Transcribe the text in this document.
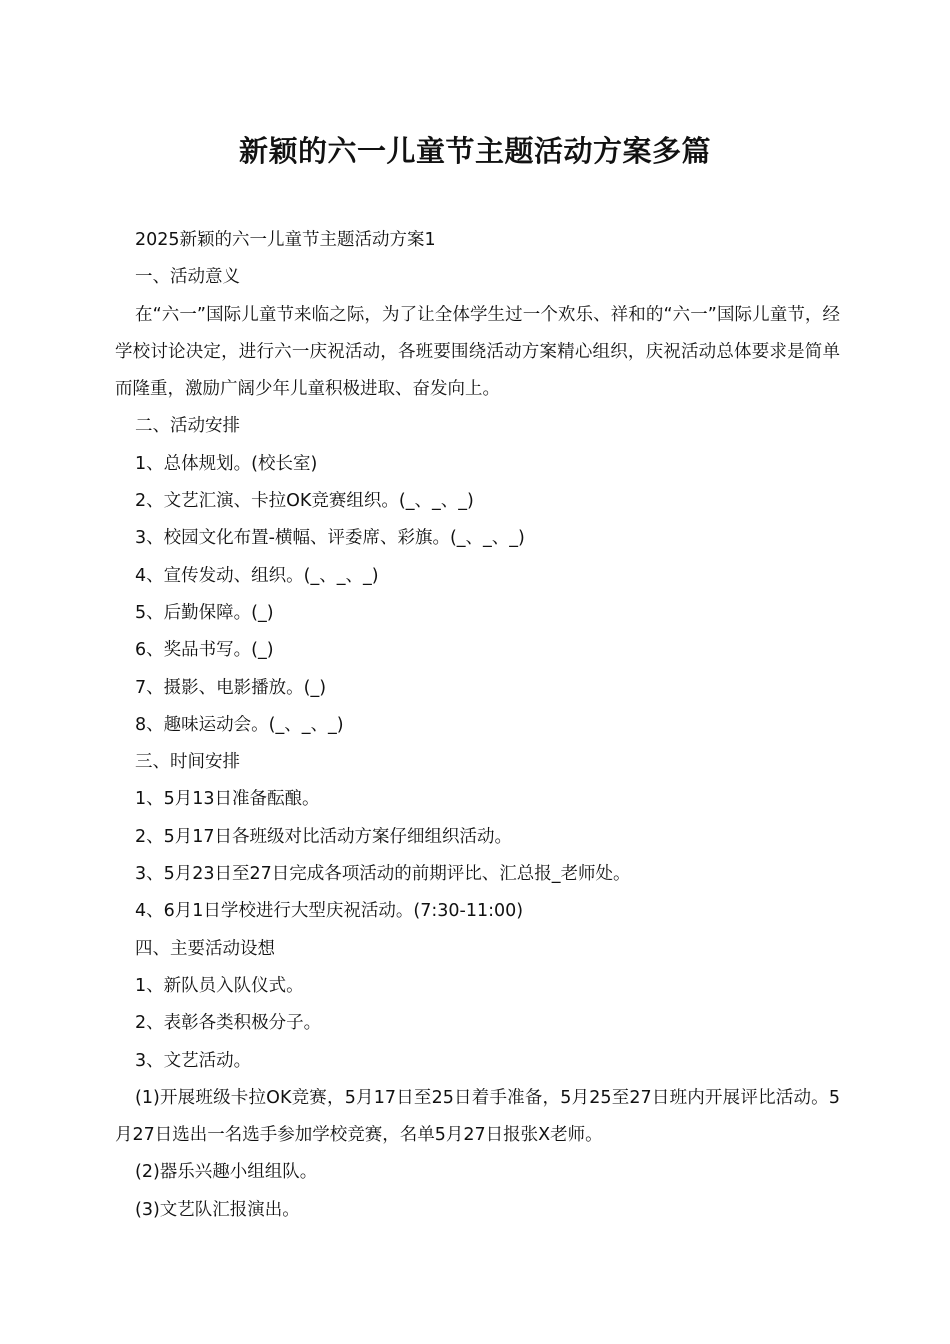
新颖的六一儿童节主题活动方案多篇

2025新颖的六一儿童节主题活动方案1

一、活动意义

在“六一”国际儿童节来临之际，为了让全体学生过一个欢乐、祥和的“六一”国际儿童节，经学校讨论决定，进行六一庆祝活动，各班要围绕活动方案精心组织，庆祝活动总体要求是简单而隆重，激励广阔少年儿童积极进取、奋发向上。

二、活动安排

1、总体规划。(校长室)

2、文艺汇演、卡拉OK竞赛组织。(_、_、_)

3、校园文化布置-横幅、评委席、彩旗。(_、_、_)

4、宣传发动、组织。(_、_、_)

5、后勤保障。(_)

6、奖品书写。(_)

7、摄影、电影播放。(_)

8、趣味运动会。(_、_、_)

三、时间安排

1、5月13日准备酝酿。

2、5月17日各班级对比活动方案仔细组织活动。

3、5月23日至27日完成各项活动的前期评比、汇总报_老师处。

4、6月1日学校进行大型庆祝活动。(7:30-11:00)

四、主要活动设想

1、新队员入队仪式。

2、表彰各类积极分子。

3、文艺活动。

(1)开展班级卡拉OK竞赛，5月17日至25日着手准备，5月25至27日班内开展评比活动。5月27日选出一名选手参加学校竞赛，名单5月27日报张X老师。

(2)器乐兴趣小组组队。

(3)文艺队汇报演出。
